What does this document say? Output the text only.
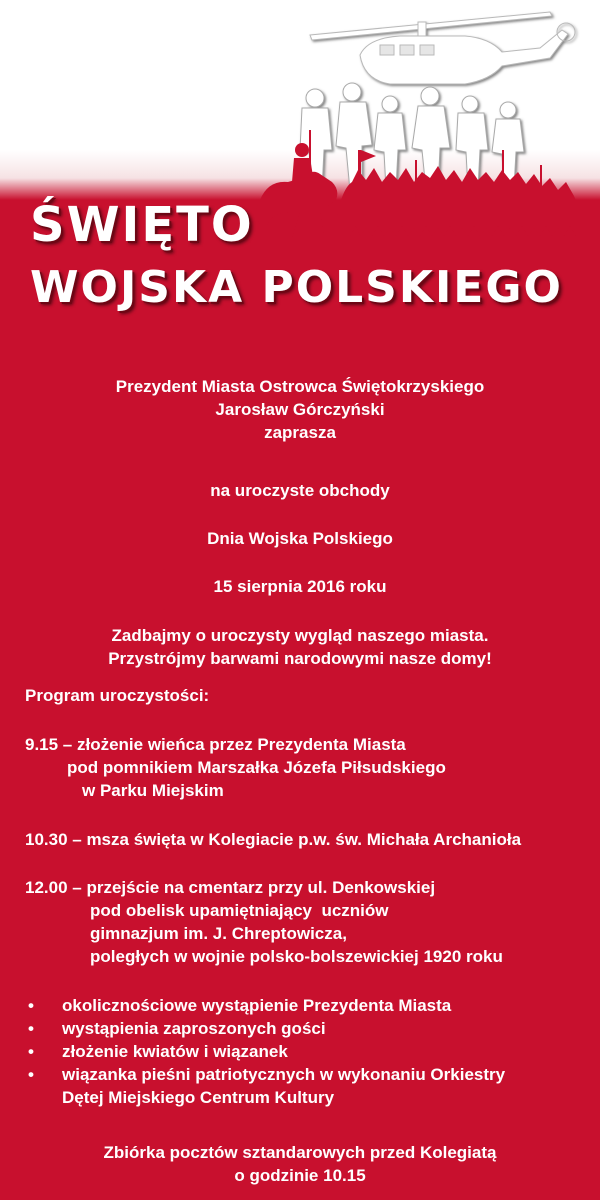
ŚWIĘTO
WOJSKA POLSKIEGO
Prezydent Miasta Ostrowca Świętokrzyskiego
Jarosław Górczyński
zaprasza
na uroczyste obchody
Dnia Wojska Polskiego
15 sierpnia 2016 roku
Zadbajmy o uroczysty wygląd naszego miasta.
Przystrójmy barwami narodowymi nasze domy!
Program uroczystości:
9.15 – złożenie wieńca przez Prezydenta Miasta
pod pomnikiem Marszałka Józefa Piłsudskiego
w Parku Miejskim
10.30 – msza święta w Kolegiacie p.w. św. Michała Archanioła
12.00 – przejście na cmentarz przy ul. Denkowskiej
pod obelisk upamiętniający  uczniów
gimnazjum im. J. Chreptowicza,
poległych w wojnie polsko-bolszewickiej 1920 roku
• okolicznościowe wystąpienie Prezydenta Miasta
• wystąpienia zaproszonych gości
• złożenie kwiatów i wiązanek
• wiązanka pieśni patriotycznych w wykonaniu Orkiestry
Dętej Miejskiego Centrum Kultury
Zbiórka pocztów sztandarowych przed Kolegiatą
o godzinie 10.15
